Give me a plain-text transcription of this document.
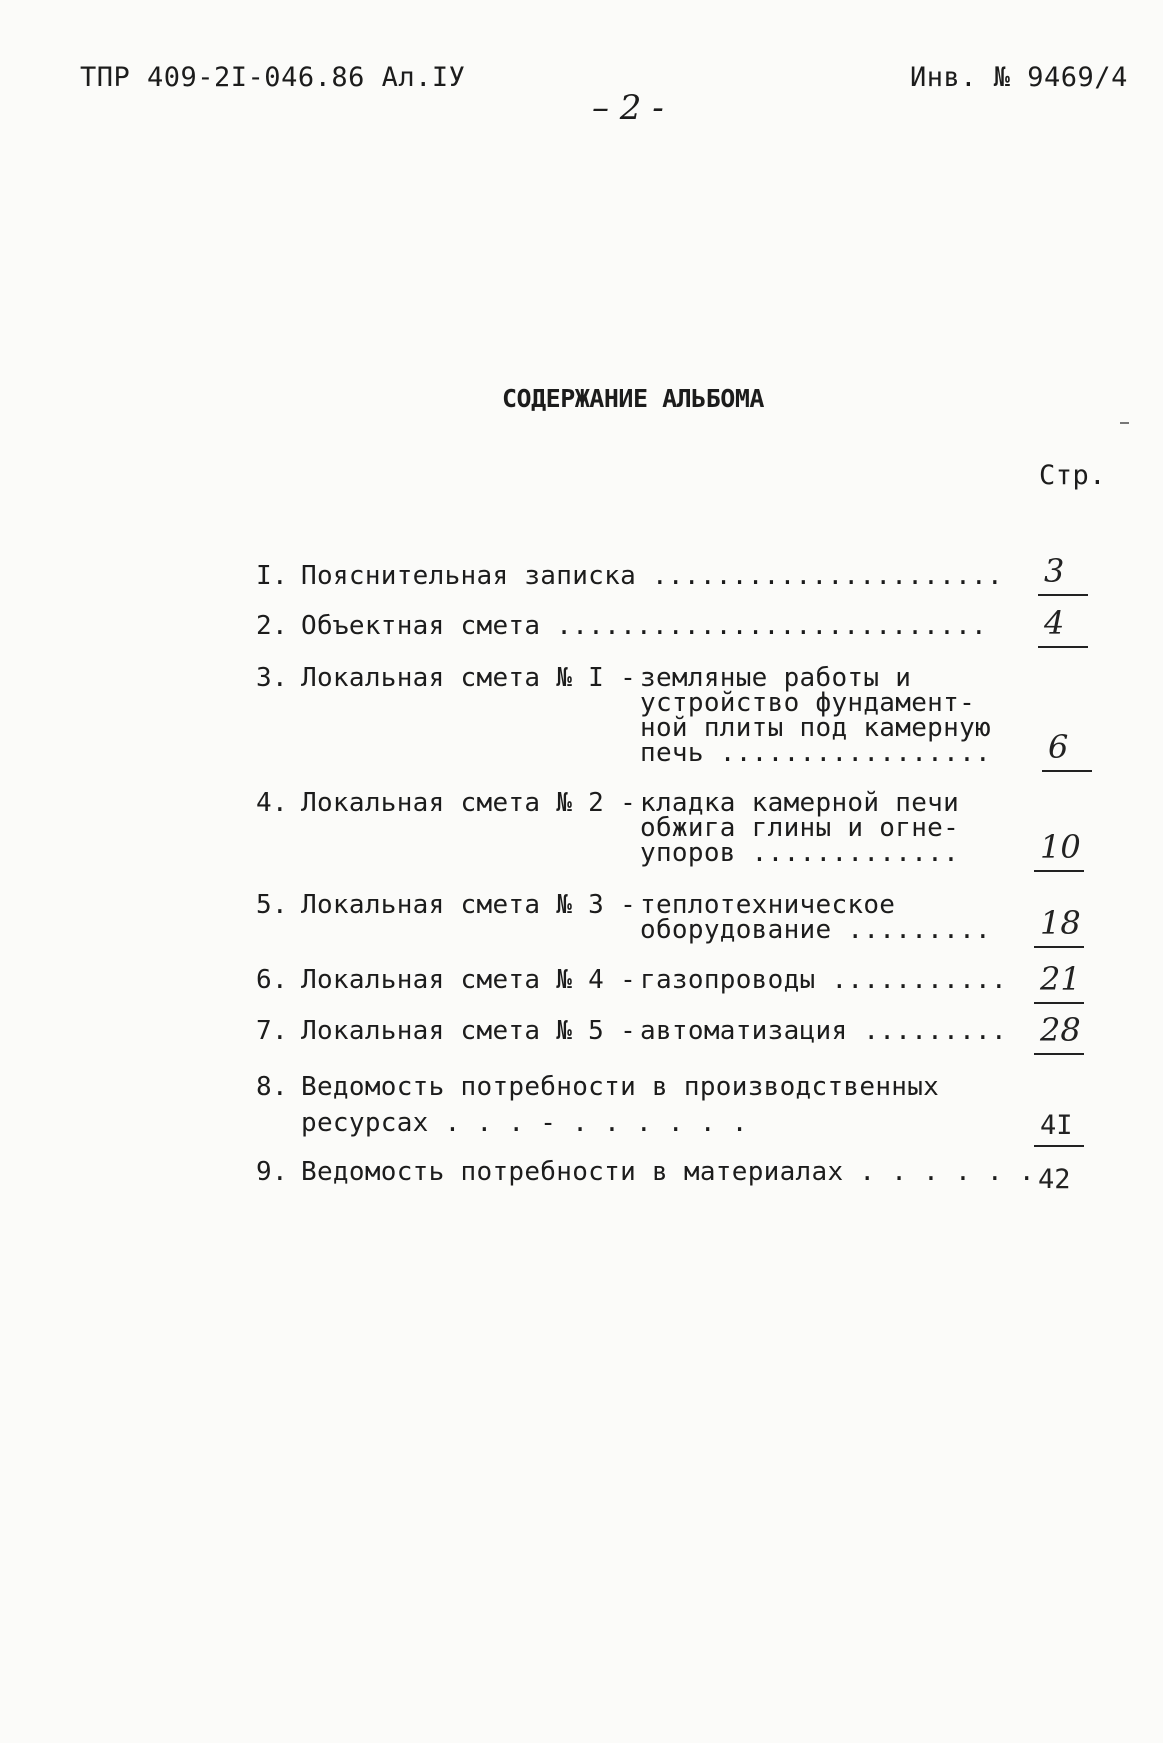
ТПР 409-2I-046.86 Ал.IУ	Инв. № 9469/4
– 2 -
СОДЕРЖАНИЕ АЛЬБОМА
Стр.
I. Пояснительная записка ...................... 3
2. Объектная смета ........................... 4
3. Локальная смета № I - земляные работы и
устройство фундамент-
ной плиты под камерную
печь ................. 6
4. Локальная смета № 2 - кладка камерной печи
обжига глины и огне-
упоров .............	10
5. Локальная смета № 3 - теплотехническое
оборудование ......... 18
6. Локальная смета № 4 - газопроводы ........... 21
7. Локальная смета № 5 - автоматизация ......... 28
8. Ведомость потребности в производственных
ресурсах . . . - . . . . . .	4I
9. Ведомость потребности в материалах . . . . . . 42
